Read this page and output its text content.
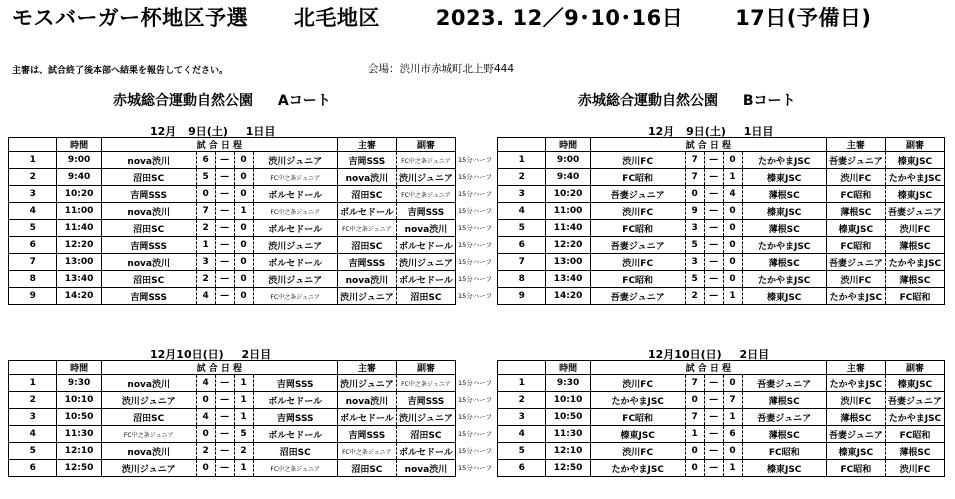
モスバーガー杯地区予選 北毛地区	2023. 12／9･10･16日 17日(予備日)
主審は、試合終了後本部へ結果を報告してください。	会場：渋川市赤城町北上野444
赤城総合運動自然公園 Aコート	赤城総合運動自然公園 Bコート
12月 9日(土) 1日目	12月 9日(土) 1日目
12月10日(日) 2日目	12月10日(日) 2日目
	時間	試 合 日 程					主審	副審
1	9:00	nova渋川	6	—	0	渋川ジュニア	吉岡SSS	FC中之条ジュニア
2	9:40	沼田SC	5	—	0	FC中之条ジュニア	nova渋川	渋川ジュニア
3	10:20	吉岡SSS	0	—	0	ボルセドール	沼田SC	FC中之条ジュニア
4	11:00	nova渋川	7	—	1	FC中之条ジュニア	ボルセドール	吉岡SSS
5	11:40	沼田SC	2	—	0	ボルセドール	FC中之条ジュニア	nova渋川
6	12:20	吉岡SSS	1	—	0	渋川ジュニア	沼田SC	ボルセドール
7	13:00	nova渋川	3	—	0	ボルセドール	吉岡SSS	渋川ジュニア
8	13:40	沼田SC	2	—	0	渋川ジュニア	nova渋川	ボルセドール
9	14:20	吉岡SSS	4	—	0	FC中之条ジュニア	渋川ジュニア	沼田SC
	時間	試 合 日 程					主審	副審
1	9:00	渋川FC	7	—	0	たかやまJSC	吾妻ジュニア	榛東JSC
2	9:40	FC昭和	7	—	1	榛東JSC	渋川FC	たかやまJSC
3	10:20	吾妻ジュニア	0	—	4	薄根SC	FC昭和	榛東JSC
4	11:00	渋川FC	9	—	0	榛東JSC	薄根SC	吾妻ジュニア
5	11:40	FC昭和	3	—	0	薄根SC	榛東JSC	渋川FC
6	12:20	吾妻ジュニア	5	—	0	たかやまJSC	FC昭和	薄根SC
7	13:00	渋川FC	3	—	0	薄根SC	吾妻ジュニア	たかやまJSC
8	13:40	FC昭和	5	—	0	たかやまJSC	渋川FC	薄根SC
9	14:20	吾妻ジュニア	2	—	1	榛東JSC	たかやまJSC	FC昭和
	時間	試 合 日 程					主審	副審
1	9:30	nova渋川	4	—	1	吉岡SSS	渋川ジュニア	FC中之条ジュニア
2	10:10	渋川ジュニア	0	—	1	ボルセドール	nova渋川	吉岡SSS
3	10:50	沼田SC	4	—	1	吉岡SSS	ボルセドール	渋川ジュニア
4	11:30	FC中之条ジュニア	0	—	5	ボルセドール	吉岡SSS	沼田SC
5	12:10	nova渋川	2	—	2	沼田SC	FC中之条ジュニア	ボルセドール
6	12:50	渋川ジュニア	0	—	1	FC中之条ジュニア	沼田SC	nova渋川
	時間	試 合 日 程					主審	副審
1	9:30	渋川FC	7	—	0	吾妻ジュニア	たかやまJSC	榛東JSC
2	10:10	たかやまJSC	0	—	7	薄根SC	渋川FC	吾妻ジュニア
3	10:50	FC昭和	7	—	1	吾妻ジュニア	薄根SC	たかやまJSC
4	11:30	榛東JSC	1	—	6	薄根SC	吾妻ジュニア	FC昭和
5	12:10	渋川FC	0	—	0	FC昭和	榛東JSC	薄根SC
6	12:50	たかやまJSC	0	—	1	榛東JSC	FC昭和	渋川FC
15分ハーフ
15分ハーフ
15分ハーフ
15分ハーフ
15分ハーフ
15分ハーフ
15分ハーフ
15分ハーフ
15分ハーフ
15分ハーフ
15分ハーフ
15分ハーフ
15分ハーフ
15分ハーフ
15分ハーフ
